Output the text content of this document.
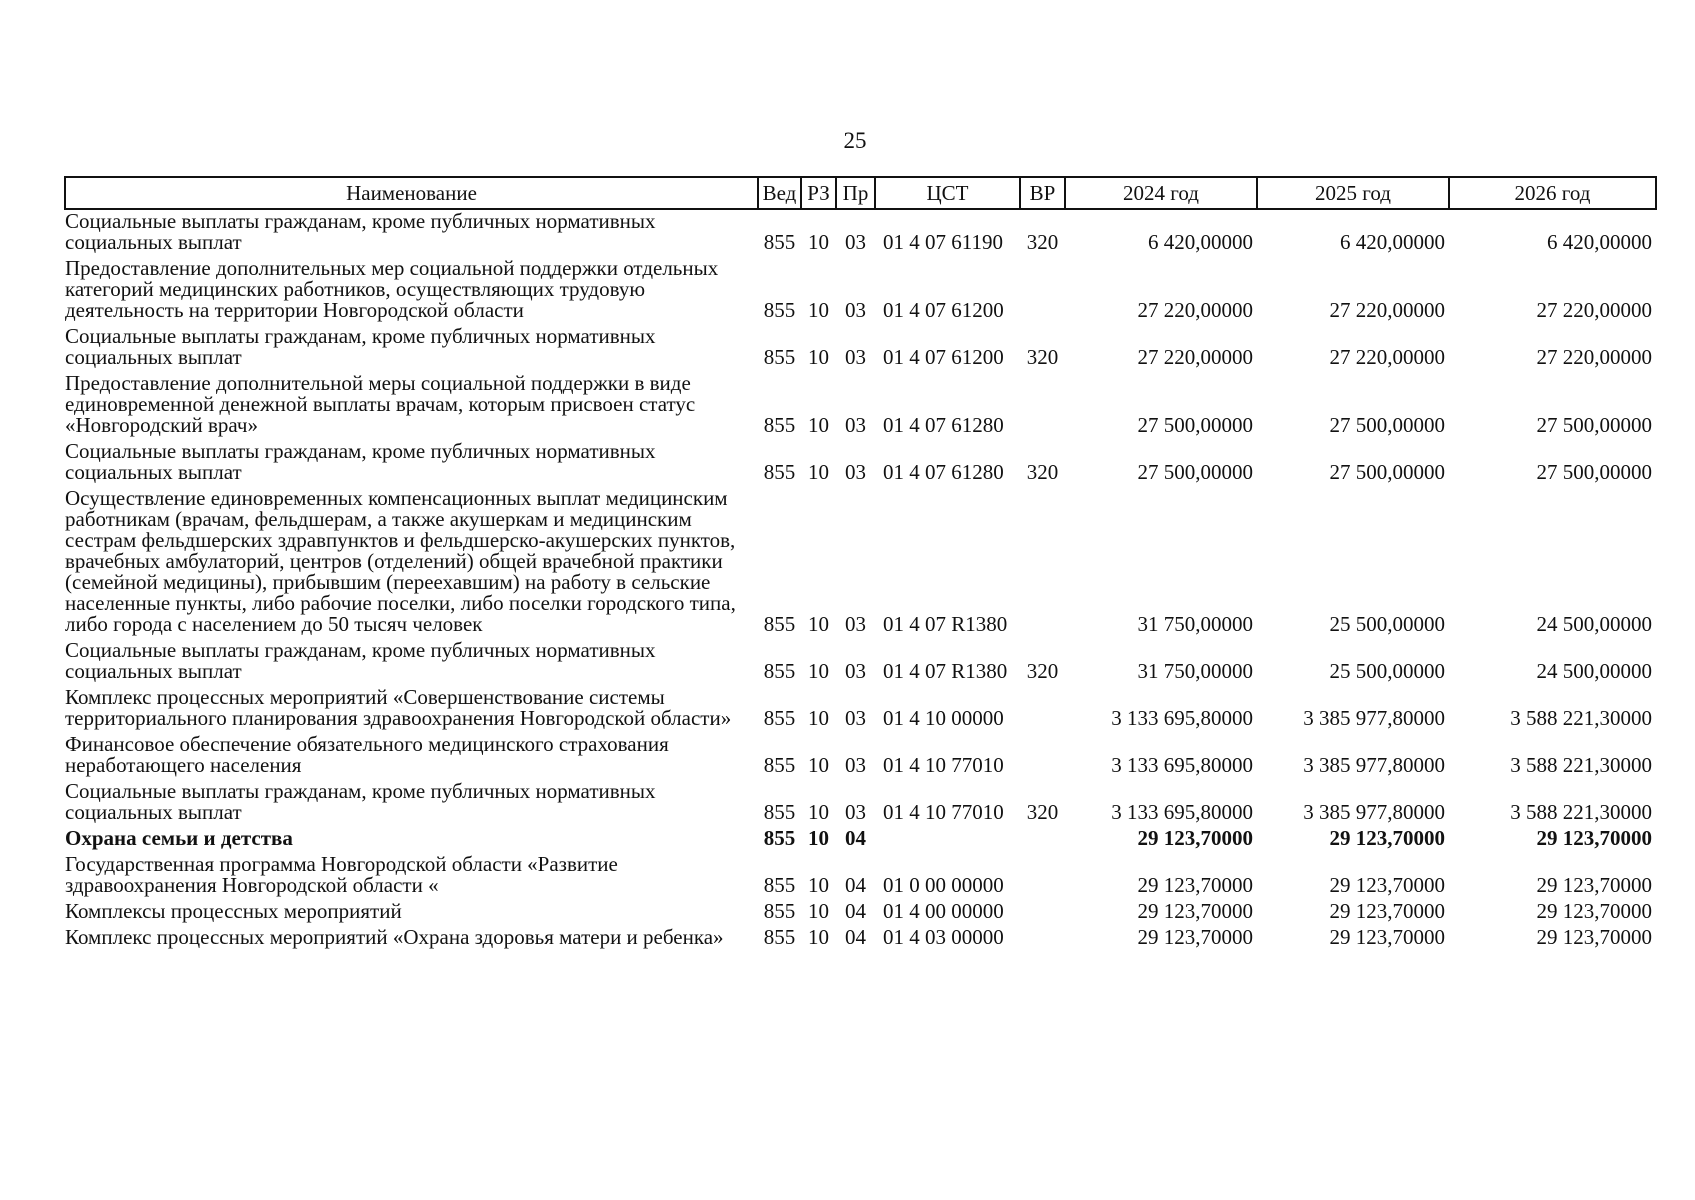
25
Наименование	Вед	РЗ	Пр	ЦСТ	ВР	2024 год	2025 год	2026 год
Социальные выплаты гражданам, кроме публичных нормативных социальных выплат	855	10	03	01 4 07 61190	320	6 420,00000	6 420,00000	6 420,00000
Предоставление дополнительных мер социальной поддержки отдельных категорий медицинских работников, осуществляющих трудовую деятельность на территории Новгородской области	855	10	03	01 4 07 61200		27 220,00000	27 220,00000	27 220,00000
Социальные выплаты гражданам, кроме публичных нормативных социальных выплат	855	10	03	01 4 07 61200	320	27 220,00000	27 220,00000	27 220,00000
Предоставление дополнительной меры социальной поддержки в виде единовременной денежной выплаты врачам, которым присвоен статус «Новгородский врач»	855	10	03	01 4 07 61280		27 500,00000	27 500,00000	27 500,00000
Социальные выплаты гражданам, кроме публичных нормативных социальных выплат	855	10	03	01 4 07 61280	320	27 500,00000	27 500,00000	27 500,00000
Осуществление единовременных компенсационных выплат медицинским работникам (врачам, фельдшерам, а также акушеркам и медицинским сестрам фельдшерских здравпунктов и фельдшерско-акушерских пунктов, врачебных амбулаторий, центров (отделений) общей врачебной практики (семейной медицины), прибывшим (переехавшим) на работу в сельские населенные пункты, либо рабочие поселки, либо поселки городского типа, либо города с населением до 50 тысяч человек	855	10	03	01 4 07 R1380		31 750,00000	25 500,00000	24 500,00000
Социальные выплаты гражданам, кроме публичных нормативных социальных выплат	855	10	03	01 4 07 R1380	320	31 750,00000	25 500,00000	24 500,00000
Комплекс процессных мероприятий «Совершенствование системы территориального планирования здравоохранения Новгородской области»	855	10	03	01 4 10 00000		3 133 695,80000	3 385 977,80000	3 588 221,30000
Финансовое обеспечение обязательного медицинского страхования неработающего населения	855	10	03	01 4 10 77010		3 133 695,80000	3 385 977,80000	3 588 221,30000
Социальные выплаты гражданам, кроме публичных нормативных социальных выплат	855	10	03	01 4 10 77010	320	3 133 695,80000	3 385 977,80000	3 588 221,30000
Охрана семьи и детства	855	10	04			29 123,70000	29 123,70000	29 123,70000
Государственная программа Новгородской области «Развитие здравоохранения Новгородской области «	855	10	04	01 0 00 00000		29 123,70000	29 123,70000	29 123,70000
Комплексы процессных мероприятий	855	10	04	01 4 00 00000		29 123,70000	29 123,70000	29 123,70000
Комплекс процессных мероприятий «Охрана здоровья матери и ребенка»	855	10	04	01 4 03 00000		29 123,70000	29 123,70000	29 123,70000
